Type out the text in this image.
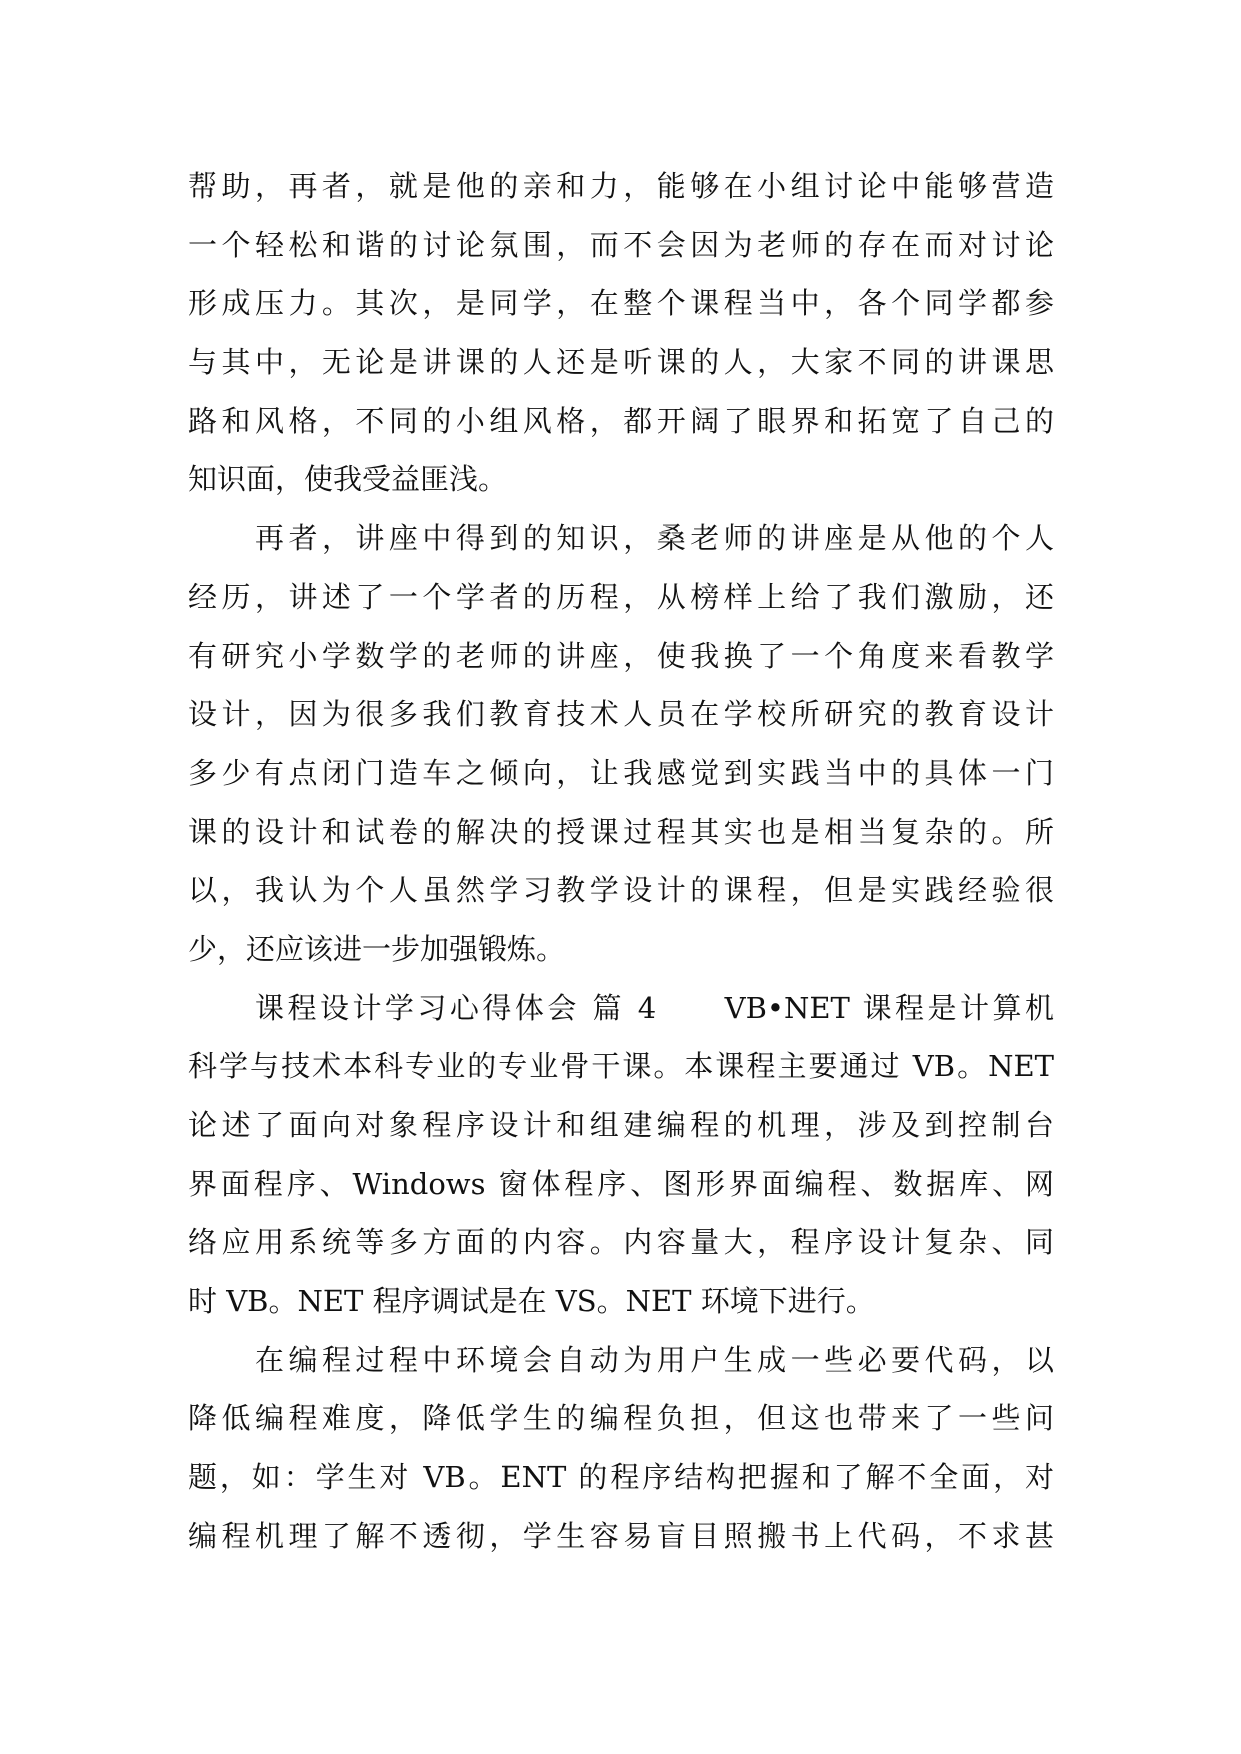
帮助，再者，就是他的亲和力，能够在小组讨论中能够营造
一个轻松和谐的讨论氛围，而不会因为老师的存在而对讨论
形成压力。其次，是同学，在整个课程当中，各个同学都参
与其中，无论是讲课的人还是听课的人，大家不同的讲课思
路和风格，不同的小组风格，都开阔了眼界和拓宽了自己的
知识面，使我受益匪浅。
再者，讲座中得到的知识，桑老师的讲座是从他的个人
经历，讲述了一个学者的历程，从榜样上给了我们激励，还
有研究小学数学的老师的讲座，使我换了一个角度来看教学
设计，因为很多我们教育技术人员在学校所研究的教育设计
多少有点闭门造车之倾向，让我感觉到实践当中的具体一门
课的设计和试卷的解决的授课过程其实也是相当复杂的。所
以，我认为个人虽然学习教学设计的课程，但是实践经验很
少，还应该进一步加强锻炼。
课程设计学习心得体会 篇 4　　VB•NET 课程是计算机
科学与技术本科专业的专业骨干课。本课程主要通过 VB。NET
论述了面向对象程序设计和组建编程的机理，涉及到控制台
界面程序、Windows 窗体程序、图形界面编程、数据库、网
络应用系统等多方面的内容。内容量大，程序设计复杂、同
时 VB。NET 程序调试是在 VS。NET 环境下进行。
在编程过程中环境会自动为用户生成一些必要代码，以
降低编程难度，降低学生的编程负担，但这也带来了一些问
题，如：学生对 VB。ENT 的程序结构把握和了解不全面，对
编程机理了解不透彻，学生容易盲目照搬书上代码，不求甚
